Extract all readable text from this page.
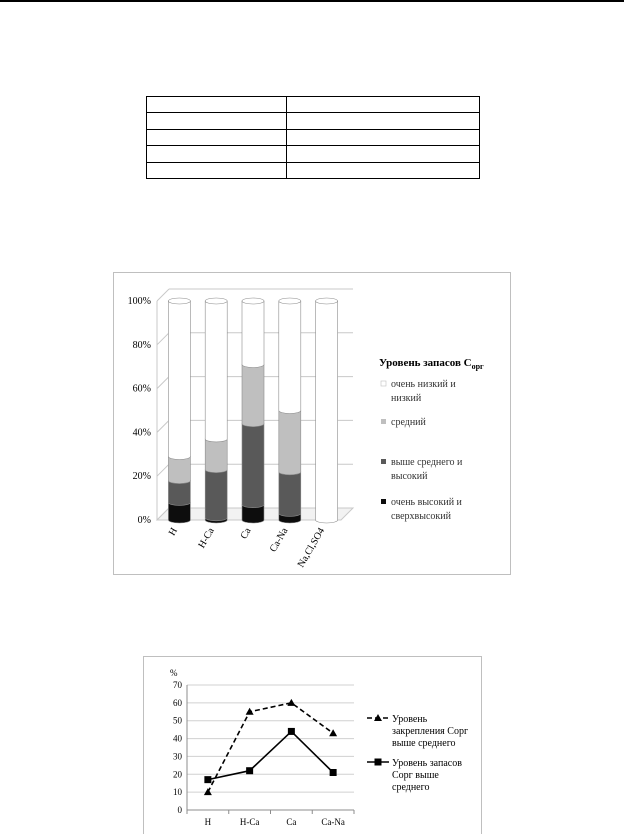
0%
20%
40%
60%
80%
100%
Н Н-Са Са Са-Na Na,Cl,SO4
Уровень запасов $С_{орг}$
очень низкий и
низкий
средний
выше среднего и
высокий
очень высокий и
сверхвысокий
0
10
20
30
40
50
60
70
%
Н	Н-Са	Са	Са-Na
Уровень
закрепления Сорг
выше среднего
Уровень запасов
Сорг выше
среднего
